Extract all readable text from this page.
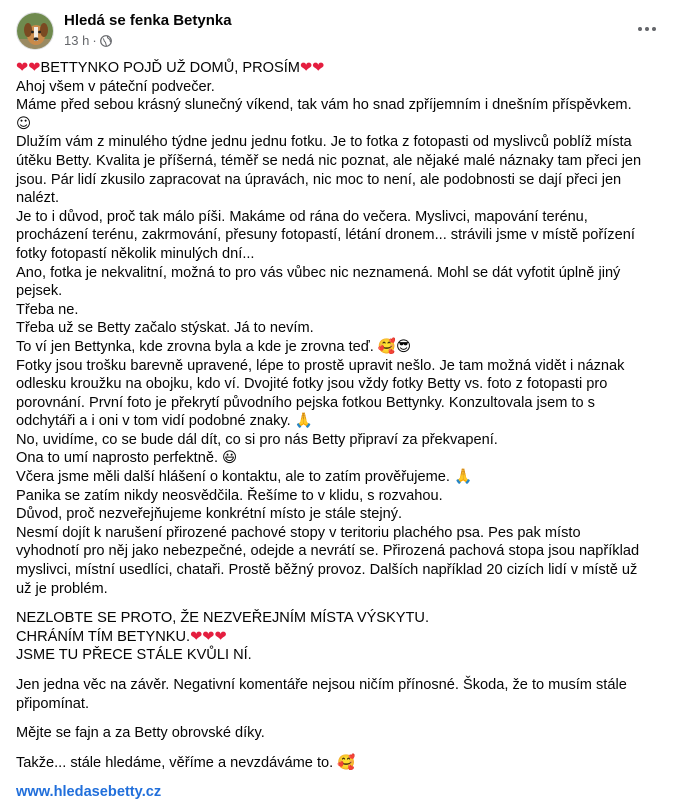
Hledá se fenka Betynka
13 h ·
❤❤BETTYNKO POJĎ UŽ DOMŮ, PROSÍM❤❤
Ahoj všem v páteční podvečer.
Máme před sebou krásný slunečný víkend, tak vám ho snad zpříjemním i dnešním příspěvkem.
☺
Dlužím vám z minulého týdne jednu jednu fotku. Je to fotka z fotopasti od myslivců poblíž místa
útěku Betty. Kvalita je příšerná, téměř se nedá nic poznat, ale nějaké malé náznaky tam přeci jen
jsou. Pár lidí zkusilo zapracovat na úpravách, nic moc to není, ale podobnosti se dají přeci jen
nalézt.
Je to i důvod, proč tak málo píši. Makáme od rána do večera. Myslivci, mapování terénu,
procházení terénu, zakrmování, přesuny fotopastí, létání dronem... strávili jsme v místě pořízení
fotky fotopastí několik minulých dní...
Ano, fotka je nekvalitní, možná to pro vás vůbec nic neznamená. Mohl se dát vyfotit úplně jiný
pejsek.
Třeba ne.
Třeba už se Betty začalo stýskat. Já to nevím.
To ví jen Bettynka, kde zrovna byla a kde je zrovna teď. 🥰😎
Fotky jsou trošku barevně upravené, lépe to prostě upravit nešlo. Je tam možná vidět i náznak
odlesku kroužku na obojku, kdo ví. Dvojité fotky jsou vždy fotky Betty vs. foto z fotopasti pro
porovnání. První foto je překrytí původního pejska fotkou Bettynky. Konzultovala jsem to s
odchytáři a i oni v tom vidí podobné znaky. 🙏
No, uvidíme, co se bude dál dít, co si pro nás Betty připraví za překvapení.
Ona to umí naprosto perfektně. 😃
Včera jsme měli další hlášení o kontaktu, ale to zatím prověřujeme. 🙏
Panika se zatím nikdy neosvědčila. Řešíme to v klidu, s rozvahou.
Důvod, proč nezveřejňujeme konkrétní místo je stále stejný.
Nesmí dojít k narušení přirozené pachové stopy v teritoriu plachého psa. Pes pak místo
vyhodnotí pro něj jako nebezpečné, odejde a nevrátí se. Přirozená pachová stopa jsou například
myslivci, místní usedlíci, chataři. Prostě běžný provoz. Dalších například 20 cizích lidí v místě už
už je problém.
NEZLOBTE SE PROTO, ŽE NEZVEŘEJNÍM MÍSTA VÝSKYTU.
CHRÁNÍM TÍM BETYNKU.❤❤❤
JSME TU PŘECE STÁLE KVŮLI NÍ.
Jen jedna věc na závěr. Negativní komentáře nejsou ničím přínosné. Škoda, že to musím stále
připomínat.
Mějte se fajn a za Betty obrovské díky.
Takže... stále hledáme, věříme a nevzdáváme to. 🥰
www.hledasebetty.cz
